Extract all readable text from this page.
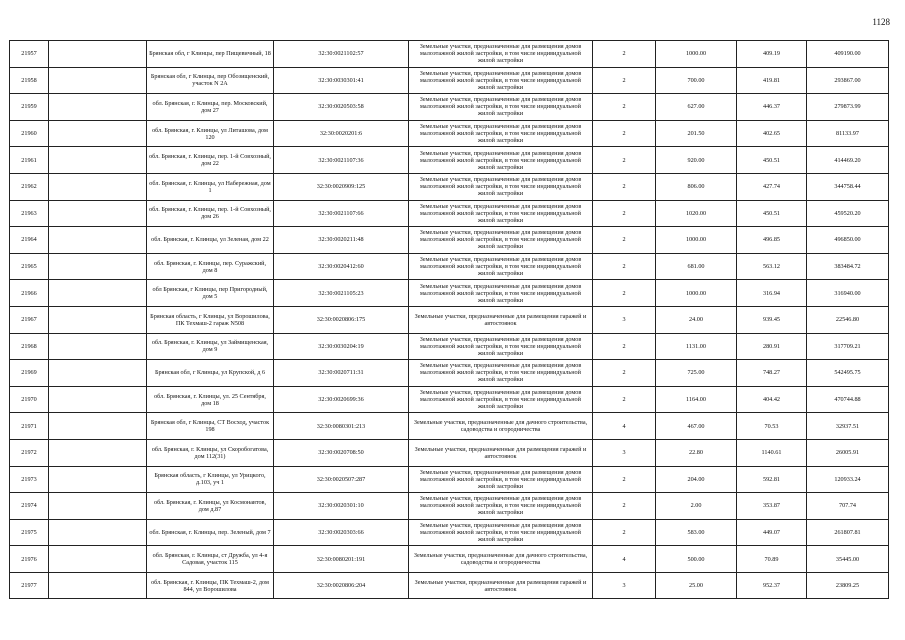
1128
21957		Брянская обл, г Клинцы, пер Пищевичный, 18	32:30:0021102:57	Земельные участки, предназначенные для размещения домов малоэтажной жилой застройки, в том числе индивидуальной жилой застройки	2	1000.00	409.19	409190.00
21958		Брянская обл, г Клинцы, пер Обозищенский, участок N 2А	32:30:0030301:41	Земельные участки, предназначенные для размещения домов малоэтажной жилой застройки, в том числе индивидуальной жилой застройки	2	700.00	419.81	293867.00
21959		обл. Брянская, г. Клинцы, пер. Московский, дом 27	32:30:0020503:58	Земельные участки, предназначенные для размещения домов малоэтажной жилой застройки, в том числе индивидуальной жилой застройки	2	627.00	446.37	279873.99
21960		обл. Брянская, г. Клинцы, ул Литашова, дом 120	32:30:0020201:6	Земельные участки, предназначенные для размещения домов малоэтажной жилой застройки, в том числе индивидуальной жилой застройки	2	201.50	402.65	81133.97
21961		обл. Брянская, г. Клинцы, пер. 1-й Совхозный, дом 22	32:30:0021107:36	Земельные участки, предназначенные для размещения домов малоэтажной жилой застройки, в том числе индивидуальной жилой застройки	2	920.00	450.51	414469.20
21962		обл. Брянская, г. Клинцы, ул Набережная, дом 1	32:30:0020909:125	Земельные участки, предназначенные для размещения домов малоэтажной жилой застройки, в том числе индивидуальной жилой застройки	2	806.00	427.74	344758.44
21963		обл. Брянская, г. Клинцы, пер. 1-й Совхозный, дом 26	32:30:0021107:66	Земельные участки, предназначенные для размещения домов малоэтажной жилой застройки, в том числе индивидуальной жилой застройки	2	1020.00	450.51	459520.20
21964		обл. Брянская, г. Клинцы, ул Зеленая, дом 22	32:30:0020211:48	Земельные участки, предназначенные для размещения домов малоэтажной жилой застройки, в том числе индивидуальной жилой застройки	2	1000.00	496.85	496850.00
21965		обл. Брянская, г. Клинцы, пер. Суражский, дом 8	32:30:0020412:60	Земельные участки, предназначенные для размещения домов малоэтажной жилой застройки, в том числе индивидуальной жилой застройки	2	681.00	563.12	383484.72
21966		обл Брянская, г Клинцы, пер Пригородный, дом 5	32:30:0021105:23	Земельные участки, предназначенные для размещения домов малоэтажной жилой застройки, в том числе индивидуальной жилой застройки	2	1000.00	316.94	316940.00
21967		Брянская область, г Клинцы, ул Ворошилова, ПК Техмаш-2 гараж N508	32:30:0020806:175	Земельные участки, предназначенные для размещения гаражей и автостоянок	3	24.00	939.45	22546.80
21968		обл. Брянская, г. Клинцы, ул Займищенская, дом 9	32:30:0030204:19	Земельные участки, предназначенные для размещения домов малоэтажной жилой застройки, в том числе индивидуальной жилой застройки	2	1131.00	280.91	317709.21
21969		Брянская обл, г Клинцы, ул Крупской, д 6	32:30:0020711:31	Земельные участки, предназначенные для размещения домов малоэтажной жилой застройки, в том числе индивидуальной жилой застройки	2	725.00	748.27	542495.75
21970		обл. Брянская, г. Клинцы, ул. 25 Сентября, дом 18	32:30:0020699:36	Земельные участки, предназначенные для размещения домов малоэтажной жилой застройки, в том числе индивидуальной жилой застройки	2	1164.00	404.42	470744.88
21971		Брянская обл, г Клинцы, СТ Восход, участок 198	32:30:0080301:213	Земельные участки, предназначенные для дачного строительства, садоводства и огородничества	4	467.00	70.53	32937.51
21972		обл. Брянская, г. Клинцы, ул Скоробогатова, дом 112(31)	32:30:0020708:50	Земельные участки, предназначенные для размещения гаражей и автостоянок	3	22.80	1140.61	26005.91
21973		Брянская область, г Клинцы, ул Урицкого, д.103, уч 1	32:30:0020507:287	Земельные участки, предназначенные для размещения домов малоэтажной жилой застройки, в том числе индивидуальной жилой застройки	2	204.00	592.81	120933.24
21974		обл. Брянская, г. Клинцы, ул Космонавтов, дом д.87	32:30:0020301:10	Земельные участки, предназначенные для размещения домов малоэтажной жилой застройки, в том числе индивидуальной жилой застройки	2	2.00	353.87	707.74
21975		обл. Брянская, г. Клинцы, пер. Зеленый, дом 7	32:30:0020303:66	Земельные участки, предназначенные для размещения домов малоэтажной жилой застройки, в том числе индивидуальной жилой застройки	2	583.00	449.07	261807.81
21976		обл. Брянская, г. Клинцы, ст Дружба, ул 4-я Садовая, участок 115	32:30:0080201:191	Земельные участки, предназначенные для дачного строительства, садоводства и огородничества	4	500.00	70.89	35445.00
21977		обл. Брянская, г. Клинцы, ПК Техмаш-2, дом 844, ул Ворошилова	32:30:0020806:204	Земельные участки, предназначенные для размещения гаражей и автостоянок	3	25.00	952.37	23809.25
